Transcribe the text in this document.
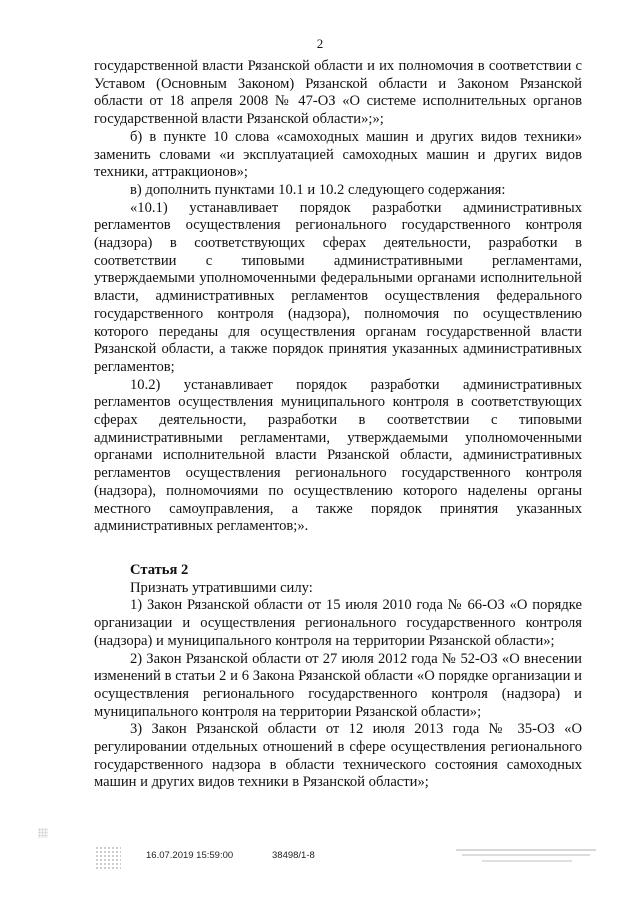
2

государственной власти Рязанской области и их полномочия в соответствии с Уставом (Основным Законом) Рязанской области и Законом Рязанской области от 18 апреля 2008 № 47-ОЗ «О системе исполнительных органов государственной власти Рязанской области»;»;

б) в пункте 10 слова «самоходных машин и других видов техники» заменить словами «и эксплуатацией самоходных машин и других видов техники, аттракционов»;

в) дополнить пунктами 10.1 и 10.2 следующего содержания:

«10.1) устанавливает порядок разработки административных регламентов осуществления регионального государственного контроля (надзора) в соответствующих сферах деятельности, разработки в соответствии с типовыми административными регламентами, утверждаемыми уполномоченными федеральными органами исполнительной власти, административных регламентов осуществления федерального государственного контроля (надзора), полномочия по осуществлению которого переданы для осуществления органам государственной власти Рязанской области, а также порядок принятия указанных административных регламентов;

10.2) устанавливает порядок разработки административных регламентов осуществления муниципального контроля в соответствующих сферах деятельности, разработки в соответствии с типовыми административными регламентами, утверждаемыми уполномоченными органами исполнительной власти Рязанской области, административных регламентов осуществления регионального государственного контроля (надзора), полномочиями по осуществлению которого наделены органы местного самоуправления, а также порядок принятия указанных административных регламентов;».

Статья 2

Признать утратившими силу:

1) Закон Рязанской области от 15 июля 2010 года № 66-ОЗ «О порядке организации и осуществления регионального государственного контроля (надзора) и муниципального контроля на территории Рязанской области»;

2) Закон Рязанской области от 27 июля 2012 года № 52-ОЗ «О внесении изменений в статьи 2 и 6 Закона Рязанской области «О порядке организации и осуществления регионального государственного контроля (надзора) и муниципального контроля на территории Рязанской области»;

3) Закон Рязанской области от 12 июля 2013 года № 35-ОЗ «О регулировании отдельных отношений в сфере осуществления регионального государственного надзора в области технического состояния самоходных машин и других видов техники в Рязанской области»;

16.07.2019 15:59:00	38498/1-8
